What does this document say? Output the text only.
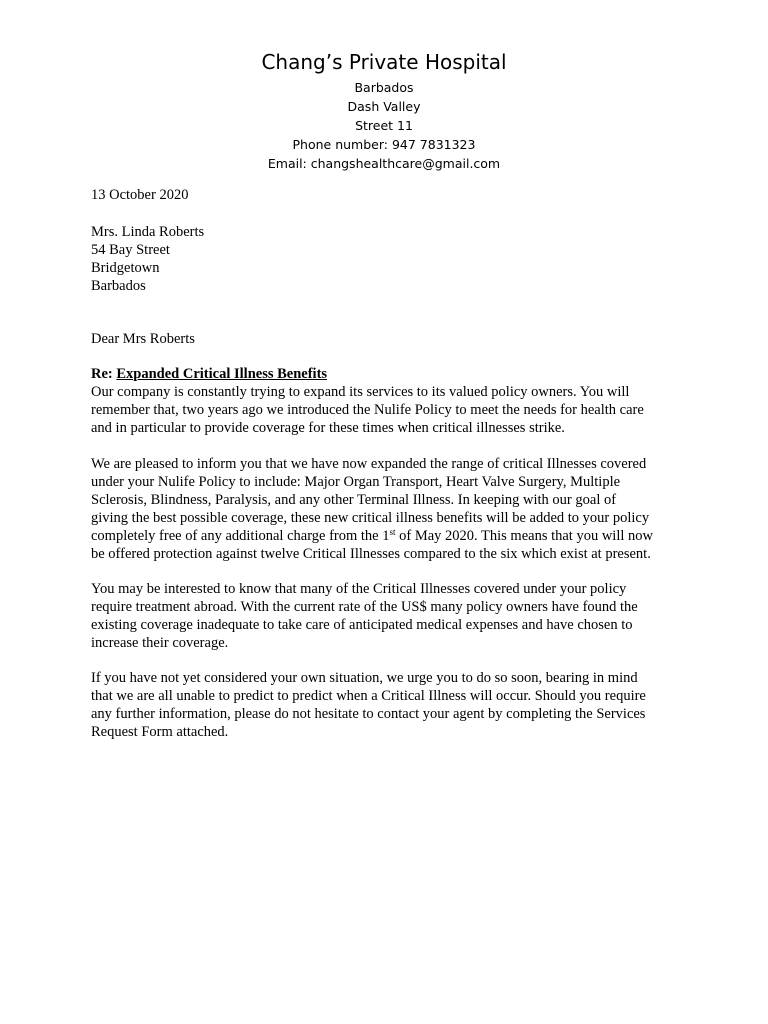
Chang’s Private Hospital
Barbados
Dash Valley
Street 11
Phone number: 947 7831323
Email: changshealthcare@gmail.com
13 October 2020
Mrs. Linda Roberts
54 Bay Street
Bridgetown
Barbados
Dear Mrs Roberts
Re: Expanded Critical Illness Benefits
Our company is constantly trying to expand its services to its valued policy owners. You will
remember that, two years ago we introduced the Nulife Policy to meet the needs for health care
and in particular to provide coverage for these times when critical illnesses strike.
We are pleased to inform you that we have now expanded the range of critical Illnesses covered
under your Nulife Policy to include: Major Organ Transport, Heart Valve Surgery, Multiple
Sclerosis, Blindness, Paralysis, and any other Terminal Illness. In keeping with our goal of
giving the best possible coverage, these new critical illness benefits will be added to your policy
completely free of any additional charge from the 1st of May 2020. This means that you will now
be offered protection against twelve Critical Illnesses compared to the six which exist at present.
You may be interested to know that many of the Critical Illnesses covered under your policy
require treatment abroad. With the current rate of the US$ many policy owners have found the
existing coverage inadequate to take care of anticipated medical expenses and have chosen to
increase their coverage.
If you have not yet considered your own situation, we urge you to do so soon, bearing in mind
that we are all unable to predict to predict when a Critical Illness will occur. Should you require
any further information, please do not hesitate to contact your agent by completing the Services
Request Form attached.
